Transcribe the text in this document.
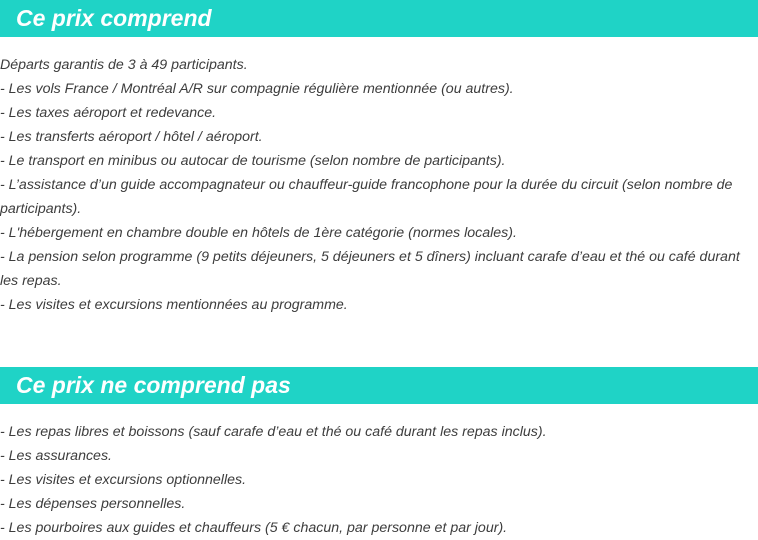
Ce prix comprend
Départs garantis de 3 à 49 participants.
- Les vols France / Montréal A/R sur compagnie régulière mentionnée (ou autres).
- Les taxes aéroport et redevance.
- Les transferts aéroport / hôtel / aéroport.
- Le transport en minibus ou autocar de tourisme (selon nombre de participants).
- L’assistance d’un guide accompagnateur ou chauffeur-guide francophone pour la durée du circuit (selon nombre de participants).
- L'hébergement en chambre double en hôtels de 1ère catégorie (normes locales).
- La pension selon programme (9 petits déjeuners, 5 déjeuners et 5 dîners) incluant carafe d’eau et thé ou café durant les repas.
- Les visites et excursions mentionnées au programme.
Ce prix ne comprend pas
- Les repas libres et boissons (sauf carafe d’eau et thé ou café durant les repas inclus).
- Les assurances.
- Les visites et excursions optionnelles.
- Les dépenses personnelles.
- Les pourboires aux guides et chauffeurs (5 € chacun, par personne et par jour).
